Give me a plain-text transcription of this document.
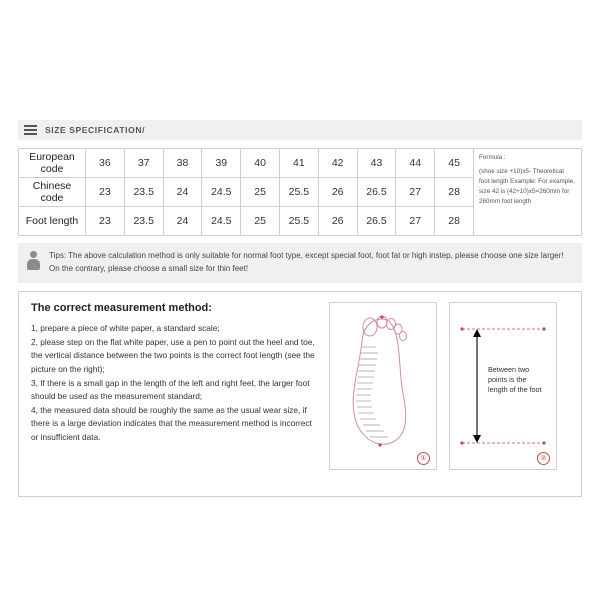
SIZE SPECIFICATION/
European code	36	37	38	39	40	41	42	43	44	45
Chinese code	23	23.5	24	24.5	25	25.5	26	26.5	27	28
Foot length	23	23.5	24	24.5	25	25.5	26	26.5	27	28
Formula :
(shoe size +10)x5- Theoretical
foot length Example: For example,
size 42 is (42+10)x5=260mm for
260mm foot length
Tips: The above calculation method is only suitable for normal foot type, except special foot, foot fat or high instep, please choose one size larger! On the contrary, please choose a small size for thin feet!
The correct measurement method:

1, prepare a piece of white paper, a standard scale;

2, please step on the flat white paper, use a pen to point out the heel and toe, the vertical distance between the two points is the correct foot length (see the picture on the right);

3, If there is a small gap in the length of the left and right feet, the larger foot should be used as the measurement standard;

4, the measured data should be roughly the same as the usual wear size, if there is a large deviation indicates that the measurement method is incorrect or insufficient data.

①
Between two points is the length of the foot
②
